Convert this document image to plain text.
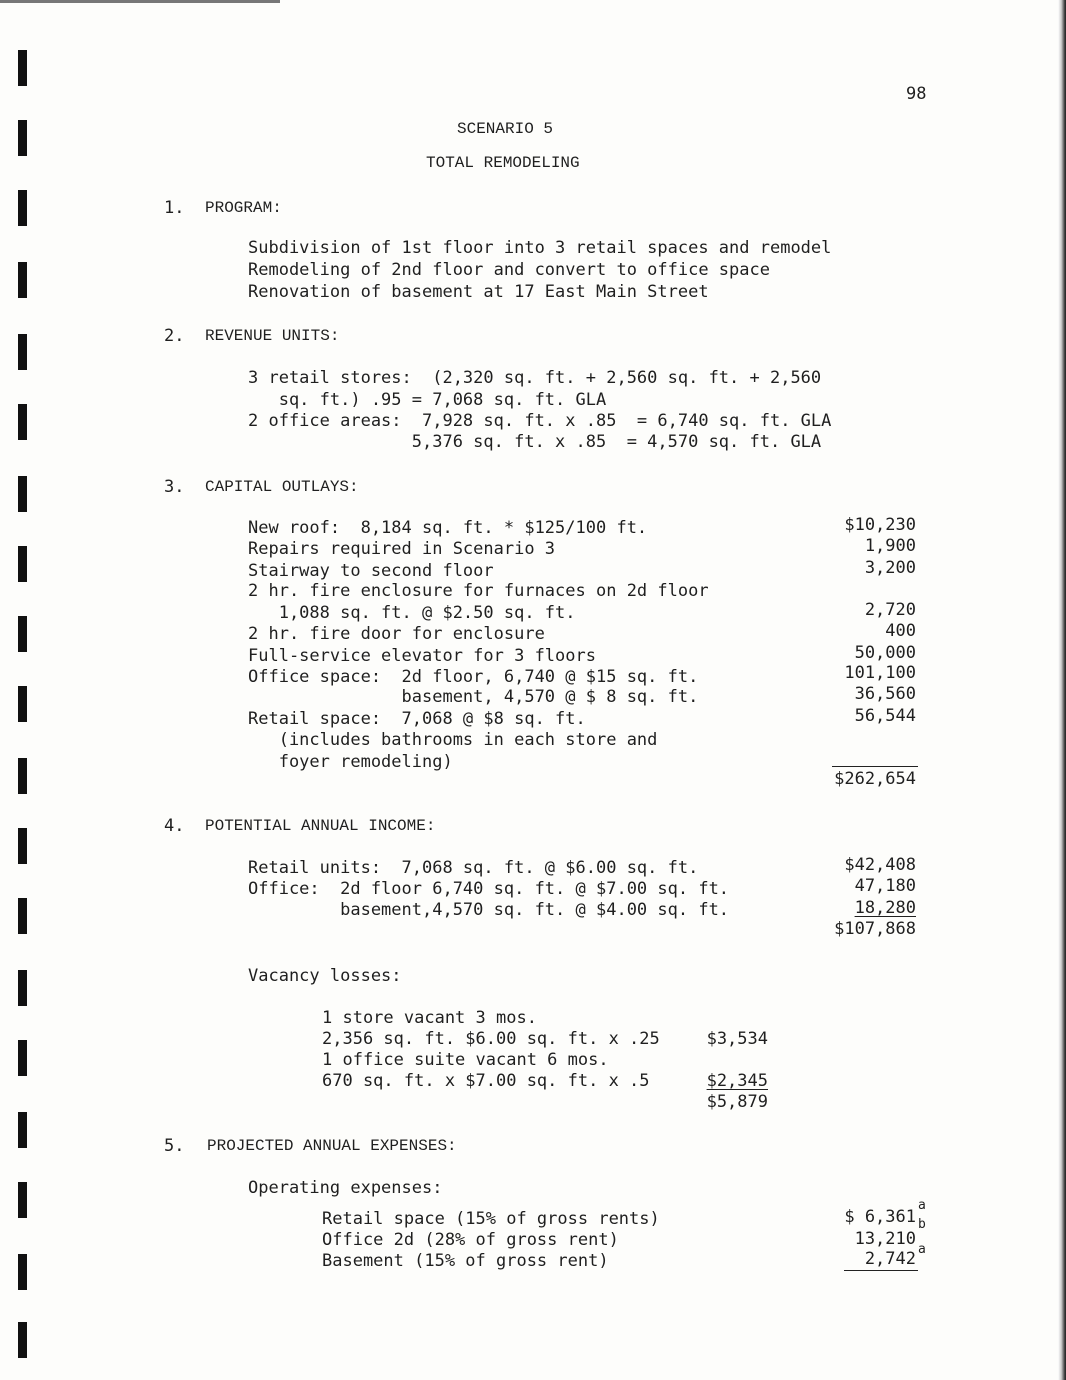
98
SCENARIO 5
TOTAL REMODELING
1. PROGRAM:
Subdivision of 1st floor into 3 retail spaces and remodel
Remodeling of 2nd floor and convert to office space
Renovation of basement at 17 East Main Street
2. REVENUE UNITS:
3 retail stores:  (2,320 sq. ft. + 2,560 sq. ft. + 2,560
sq. ft.) .95 = 7,068 sq. ft. GLA
2 office areas:  7,928 sq. ft. x .85  = 6,740 sq. ft. GLA
5,376 sq. ft. x .85  = 4,570 sq. ft. GLA
3. CAPITAL OUTLAYS:
New roof:  8,184 sq. ft. * $125/100 ft.	$10,230
Repairs required in Scenario 3	1,900
Stairway to second floor	3,200
2 hr. fire enclosure for furnaces on 2d floor
1,088 sq. ft. @ $2.50 sq. ft.	2,720
2 hr. fire door for enclosure	400
Full-service elevator for 3 floors	50,000
Office space:  2d floor, 6,740 @ $15 sq. ft.	101,100
basement, 4,570 @ $ 8 sq. ft.	36,560
Retail space:  7,068 @ $8 sq. ft.	56,544
(includes bathrooms in each store and
foyer remodeling)
$262,654
4. POTENTIAL ANNUAL INCOME:
Retail units:  7,068 sq. ft. @ $6.00 sq. ft.	$42,408
Office:  2d floor 6,740 sq. ft. @ $7.00 sq. ft.	47,180
basement,4,570 sq. ft. @ $4.00 sq. ft.	18,280
$107,868
Vacancy losses:
1 store vacant 3 mos.
2,356 sq. ft. $6.00 sq. ft. x .25	$3,534
1 office suite vacant 6 mos.
670 sq. ft. x $7.00 sq. ft. x .5	$2,345
$5,879
5. PROJECTED ANNUAL EXPENSES:
Operating expenses:
Retail space (15% of gross rents)	$ 6,361
a
Office 2d (28% of gross rent)	13,210
b
Basement (15% of gross rent)	2,742 a
